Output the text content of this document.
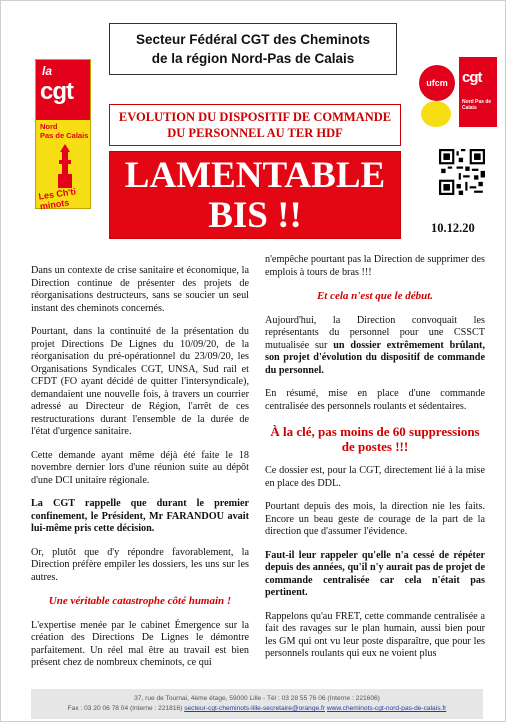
la
cgt
Nord
Pas de Calais
Les Ch'ti minots
Secteur Fédéral CGT des Cheminots
de la région Nord-Pas de Calais
ufcm cgt
Nord Pas de Calais
EVOLUTION DU DISPOSITIF DE COMMANDE
DU PERSONNEL AU TER HDF
LAMENTABLE
BIS !!	10.12.20

Dans un contexte de crise sanitaire et économique, la Direction continue de présenter des projets de réorganisations destructeurs, sans se soucier un seul instant des cheminots concernés.

Pourtant, dans la continuité de la présentation du projet Directions De Lignes du 10/09/20, de la réorganisation du pré-opérationnel du 23/09/20, les Organisations Syndicales CGT, UNSA, Sud rail et CFDT (FO ayant décidé de quitter l'intersyndicale), demandaient une nouvelle fois, à travers un courrier adressé au Directeur de Région, l'arrêt de ces restructurations durant l'ensemble de la durée de l'état d'urgence sanitaire.

Cette demande ayant même déjà été faite le 18 novembre dernier lors d'une réunion suite au dépôt d'une DCI unitaire régionale.

La CGT rappelle que durant le premier confinement, le Président, Mr FARANDOU avait lui-même pris cette décision.

Or, plutôt que d'y répondre favorablement, la Direction préfère empiler les dossiers, les uns sur les autres.

Une véritable catastrophe côté humain !

L'expertise menée par le cabinet Émergence sur la création des Directions De Lignes le démontre parfaitement. Un réel mal être au travail est bien présent chez de nombreux cheminots, ce qui

n'empêche pourtant pas la Direction de supprimer des emplois à tours de bras !!!

Et cela n'est que le début.

Aujourd'hui, la Direction convoquait les représentants du personnel pour une CSSCT mutualisée sur un dossier extrêmement brûlant, son projet d'évolution du dispositif de commande du personnel.

En résumé, mise en place d'une commande centralisée des personnels roulants et sédentaires.

À la clé, pas moins de 60 suppressions de postes !!!

Ce dossier est, pour la CGT, directement lié à la mise en place des DDL.

Pourtant depuis des mois, la direction nie les faits. Encore un beau geste de courage de la part de la direction que d'assumer l'évidence.

Faut-il leur rappeler qu'elle n'a cessé de répéter depuis des années, qu'il n'y aurait pas de projet de commande centralisée car cela n'était pas pertinent.

Rappelons qu'au FRET, cette commande centralisée a fait des ravages sur le plan humain, aussi bien pour les GM qui ont vu leur poste disparaître, que pour les personnels roulants qui eux ne voient plus

37, rue de Tournai, 4ème étage, 59000 Lille - Tél : 03 28 55 76 06 (Interne : 221606)
Fax : 03 20 06 78 04 (Interne : 221816) secteur-cgt-cheminots-lille-secretaire@orange.fr www.cheminots-cgt-nord-pas-de-calais.fr
